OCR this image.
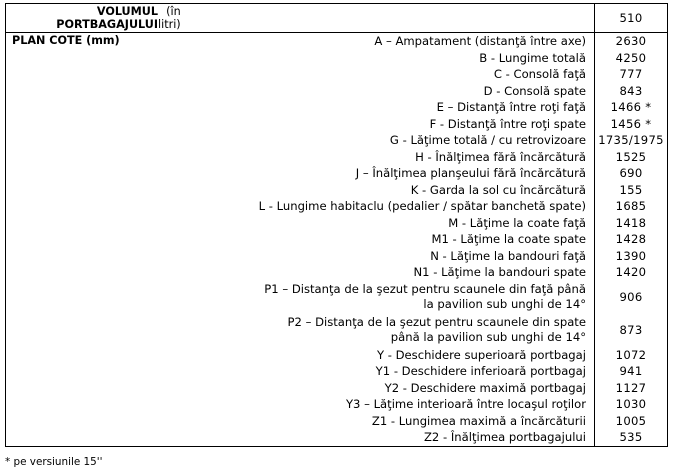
VOLUMUL
PORTBAGAJULUI
(în
litri)	510

PLAN COTE (mm) A – Ampatament (distanţă între axe)	2630
B - Lungime totală	4250
C - Consolă faţă	777
D - Consolă spate	843
E – Distanţă între roţi faţă	1466 *
F - Distanţă între roţi spate	1456 *
G - Lăţime totală / cu retrovizoare	1735/1975
H - Înălţimea fără încărcătură	1525
J – Înălţimea planşeului fără încărcătură	690
K - Garda la sol cu încărcătură	155
L - Lungime habitaclu (pedalier / spătar banchetă spate)	1685
M - Lăţime la coate faţă	1418
M1 - Lăţime la coate spate	1428
N - Lăţime la bandouri faţă	1390
N1 - Lăţime la bandouri spate	1420

P1 – Distanţa de la şezut pentru scaunele din faţă până
la pavilion sub unghi de 14°	906

P2 – Distanţa de la şezut pentru scaunele din spate
până la pavilion sub unghi de 14°	873
Y - Deschidere superioară portbagaj	1072
Y1 - Deschidere inferioară portbagaj	941
Y2 - Deschidere maximă portbagaj	1127
Y3 – Lăţime interioară între locaşul roţilor	1030
Z1 - Lungimea maximă a încărcăturii	1005
Z2 - Înălţimea portbagajului	535
* pe versiunile 15''
